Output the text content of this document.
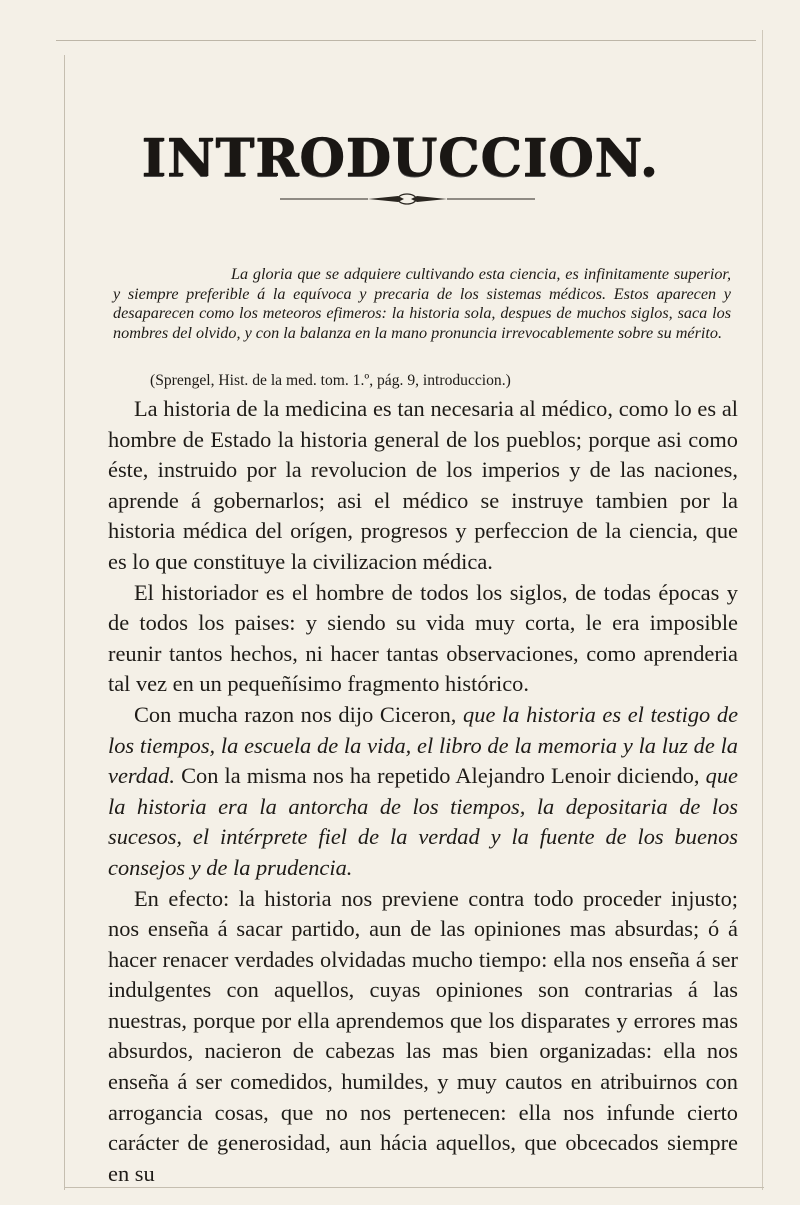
INTRODUCCION.

La gloria que se adquiere cultivando esta ciencia, es infinitamente superior, y siempre preferible á la equívoca y precaria de los sistemas médicos. Estos aparecen y desaparecen como los meteoros efimeros: la historia sola, despues de muchos siglos, saca los nombres del olvido, y con la balanza en la mano pronuncia irrevocablemente sobre su mérito.

(Sprengel, Hist. de la med. tom. 1.º, pág. 9, introduccion.)

La historia de la medicina es tan necesaria al médico, como lo es al hombre de Estado la historia general de los pueblos; porque asi como éste, instruido por la revolucion de los imperios y de las naciones, aprende á gobernarlos; asi el médico se instruye tambien por la historia médica del orígen, progresos y perfeccion de la ciencia, que es lo que constituye la civilizacion médica.

El historiador es el hombre de todos los siglos, de todas épocas y de todos los paises: y siendo su vida muy corta, le era imposible reunir tantos hechos, ni hacer tantas observaciones, como aprenderia tal vez en un pequeñísimo fragmento histórico.

Con mucha razon nos dijo Ciceron, que la historia es el testigo de los tiempos, la escuela de la vida, el libro de la memoria y la luz de la verdad. Con la misma nos ha repetido Alejandro Lenoir diciendo, que la historia era la antorcha de los tiempos, la depositaria de los sucesos, el intérprete fiel de la verdad y la fuente de los buenos consejos y de la prudencia.

En efecto: la historia nos previene contra todo proceder injusto; nos enseña á sacar partido, aun de las opiniones mas absurdas; ó á hacer renacer verdades olvidadas mucho tiempo: ella nos enseña á ser indulgentes con aquellos, cuyas opiniones son contrarias á las nuestras, porque por ella aprendemos que los disparates y errores mas absurdos, nacieron de cabezas las mas bien organizadas: ella nos enseña á ser comedidos, humildes, y muy cautos en atribuirnos con arrogancia cosas, que no nos pertenecen: ella nos infunde cierto carácter de generosidad, aun hácia aquellos, que obcecados siempre en su
